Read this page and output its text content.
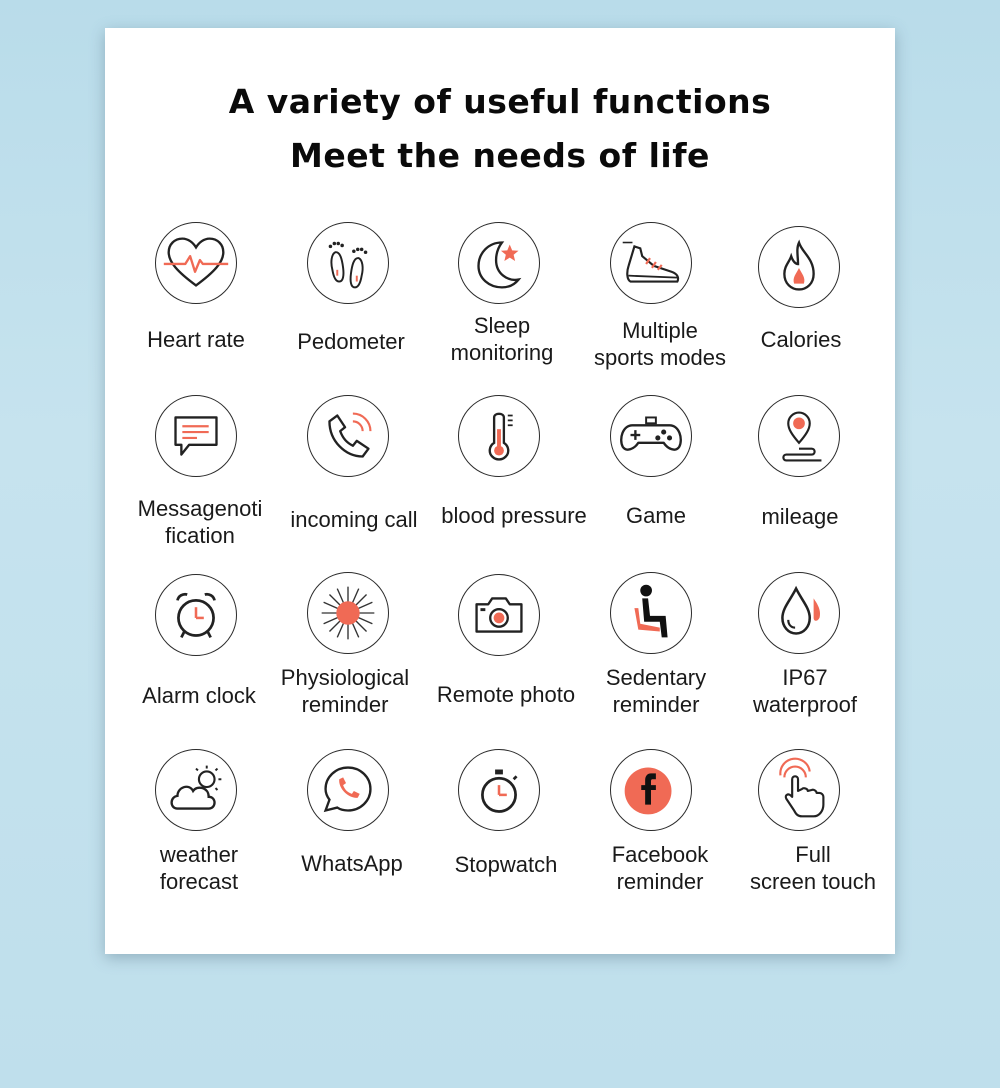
A variety of useful functions
Meet the needs of life
Heart rate	Pedometer
Sleep
monitoring
Multiple
sports modes
Calories
Messagenoti
fication
incoming call	blood pressure	Game	mileage
Alarm clock
Physiological
reminder	Remote photo
Sedentary
reminder
IP67
waterproof
weather
forecast
WhatsApp	Stopwatch	Facebook
reminder
Full
screen touch
